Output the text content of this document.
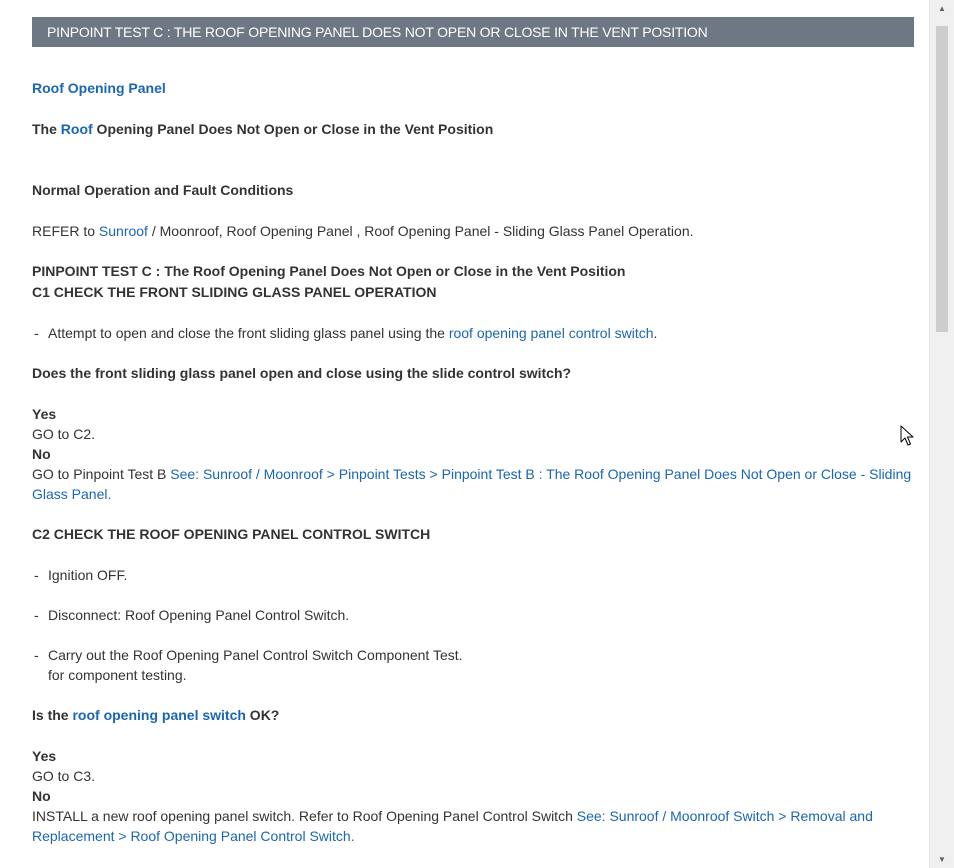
PINPOINT TEST C : THE ROOF OPENING PANEL DOES NOT OPEN OR CLOSE IN THE VENT POSITION

Roof Opening Panel

The Roof Opening Panel Does Not Open or Close in the Vent Position

Normal Operation and Fault Conditions

REFER to Sunroof / Moonroof, Roof Opening Panel , Roof Opening Panel - Sliding Glass Panel Operation.

PINPOINT TEST C : The Roof Opening Panel Does Not Open or Close in the Vent Position

C1 CHECK THE FRONT SLIDING GLASS PANEL OPERATION

- Attempt to open and close the front sliding glass panel using the roof opening panel control switch.

Does the front sliding glass panel open and close using the slide control switch?

Yes

GO to C2.

No

GO to Pinpoint Test B See: Sunroof / Moonroof > Pinpoint Tests > Pinpoint Test B : The Roof Opening Panel Does Not Open or Close - Sliding Glass Panel.

C2 CHECK THE ROOF OPENING PANEL CONTROL SWITCH

- Ignition OFF.
- Disconnect: Roof Opening Panel Control Switch.
- Carry out the Roof Opening Panel Control Switch Component Test.
for component testing.

Is the roof opening panel switch OK?

Yes

GO to C3.

No

INSTALL a new roof opening panel switch. Refer to Roof Opening Panel Control Switch See: Sunroof / Moonroof Switch > Removal and Replacement > Roof Opening Panel Control Switch.

▲
▼
